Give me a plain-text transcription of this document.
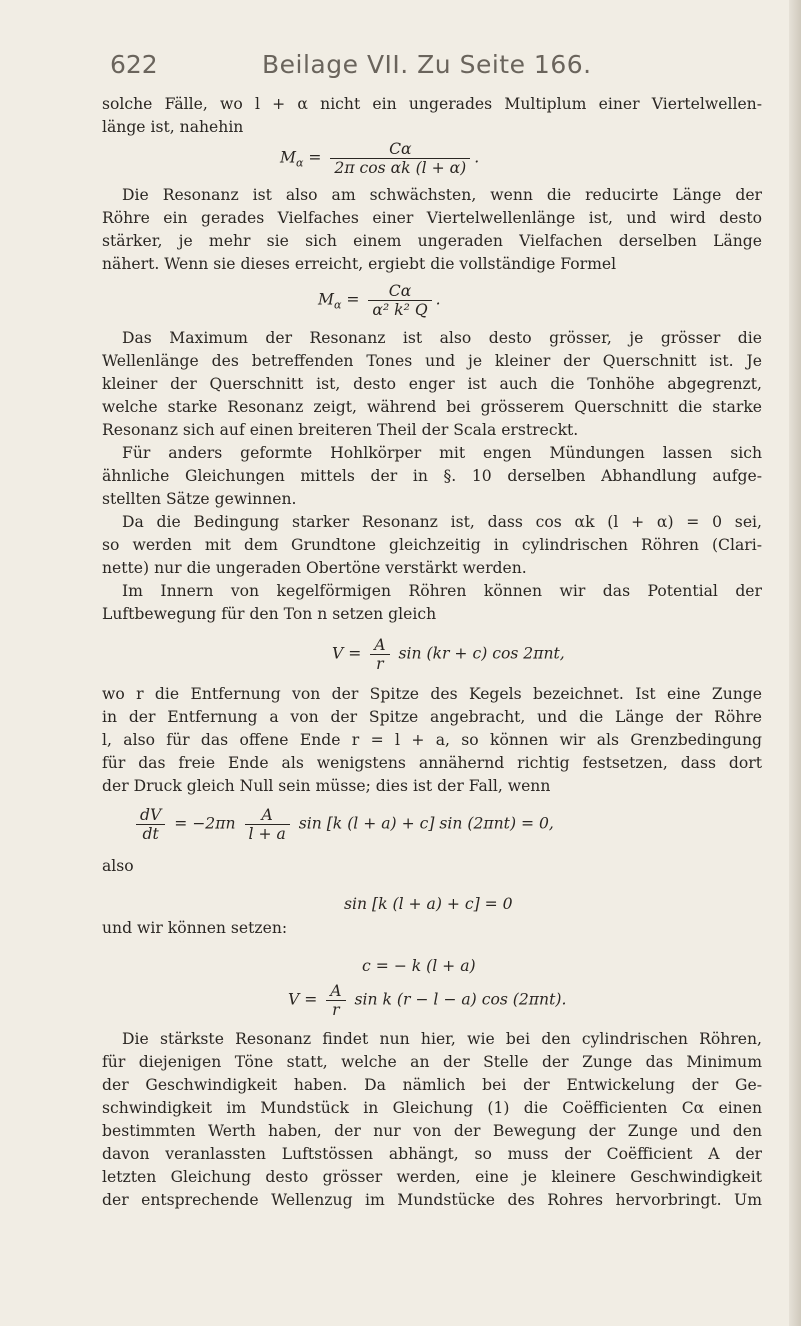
622	Beilage VII. Zu Seite 166.
solche Fälle, wo l + α nicht ein ungerades Multiplum einer Viertelwellen-
länge ist, nahehin
$M_\alpha = \frac{C\alpha}{\text{2π cos αk (l + α)}}$ .
Die Resonanz ist also am schwächsten, wenn die reducirte Länge der
Röhre ein gerades Vielfaches einer Viertelwellenlänge ist, und wird desto
stärker, je mehr sie sich einem ungeraden Vielfachen derselben Länge
nähert. Wenn sie dieses erreicht, ergiebt die vollständige Formel
$M_\alpha = \frac{C\alpha}{\text{α² k² Q}}$ .
Das Maximum der Resonanz ist also desto grösser, je grösser die
Wellenlänge des betreffenden Tones und je kleiner der Querschnitt ist. Je
kleiner der Querschnitt ist, desto enger ist auch die Tonhöhe abgegrenzt,
welche starke Resonanz zeigt, während bei grösserem Querschnitt die starke
Resonanz sich auf einen breiteren Theil der Scala erstreckt.
Für anders geformte Hohlkörper mit engen Mündungen lassen sich
ähnliche Gleichungen mittels der in §. 10 derselben Abhandlung aufge-
stellten Sätze gewinnen.
Da die Bedingung starker Resonanz ist, dass cos αk (l + α) = 0 sei,
so werden mit dem Grundtone gleichzeitig in cylindrischen Röhren (Clari-
nette) nur die ungeraden Obertöne verstärkt werden.
Im Innern von kegelförmigen Röhren können wir das Potential der
Luftbewegung für den Ton n setzen gleich
$V = \frac{A}{r}$ sin (kr + c) cos 2πnt,
wo r die Entfernung von der Spitze des Kegels bezeichnet. Ist eine Zunge
in der Entfernung a von der Spitze angebracht, und die Länge der Röhre
l, also für das offene Ende r = l + a, so können wir als Grenzbedingung
für das freie Ende als wenigstens annähernd richtig festsetzen, dass dort
der Druck gleich Null sein müsse; dies ist der Fall, wenn
$\frac{dV}{dt} = -2\pi n \frac{A}{l + a}$ sin [k (l + a) + c] sin (2πnt) = 0,
also
sin [k (l + a) + c] = 0
und wir können setzen:
c = − k (l + a)
$V = \frac{A}{r}$ sin k (r − l − a) cos (2πnt).
Die stärkste Resonanz findet nun hier, wie bei den cylindrischen Röhren,
für diejenigen Töne statt, welche an der Stelle der Zunge das Minimum
der Geschwindigkeit haben. Da nämlich bei der Entwickelung der Ge-
schwindigkeit im Mundstück in Gleichung (1) die Coëfficienten Cα einen
bestimmten Werth haben, der nur von der Bewegung der Zunge und den
davon veranlassten Luftstössen abhängt, so muss der Coëfficient A der
letzten Gleichung desto grösser werden, eine je kleinere Geschwindigkeit
der entsprechende Wellenzug im Mundstücke des Rohres hervorbringt. Um
